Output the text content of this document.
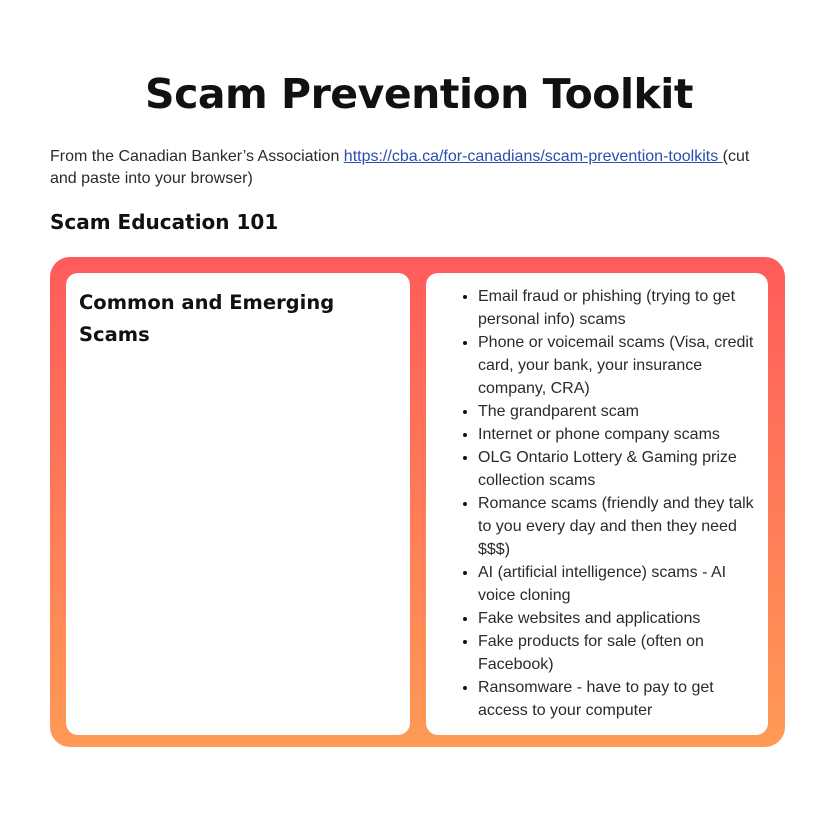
Scam Prevention Toolkit
From the Canadian Banker’s Association https://cba.ca/for-canadians/scam-prevention-toolkits (cut and paste into your browser)
Scam Education 101
Common and Emerging Scams
• Email fraud or phishing (trying to get personal info) scams
• Phone or voicemail scams (Visa, credit card, your bank, your insurance company, CRA)
• The grandparent scam
• Internet or phone company scams
• OLG Ontario Lottery & Gaming prize collection scams
• Romance scams (friendly and they talk to you every day and then they need $$$)
• AI (artificial intelligence) scams - AI voice cloning
• Fake websites and applications
• Fake products for sale (often on Facebook)
• Ransomware - have to pay to get access to your computer
